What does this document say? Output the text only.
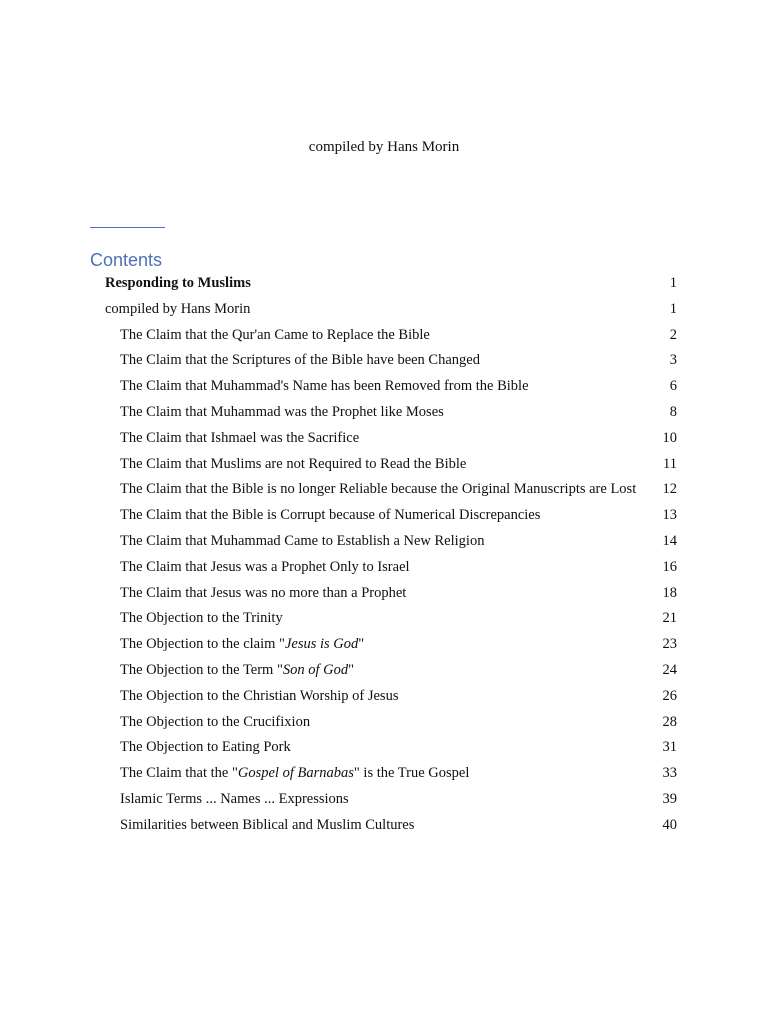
compiled by Hans Morin
Contents
Responding to Muslims	1
compiled by Hans Morin	1
The Claim that the Qur'an Came to Replace the Bible	2
The Claim that the Scriptures of the Bible have been Changed	3
The Claim that Muhammad's Name has been Removed from the Bible	6
The Claim that Muhammad was the Prophet like Moses	8
The Claim that Ishmael was the Sacrifice	10
The Claim that Muslims are not Required to Read the Bible	11
The Claim that the Bible is no longer Reliable because the Original Manuscripts are Lost 12
The Claim that the Bible is Corrupt because of Numerical Discrepancies	13
The Claim that Muhammad Came to Establish a New Religion	14
The Claim that Jesus was a Prophet Only to Israel	16
The Claim that Jesus was no more than a Prophet	18
The Objection to the Trinity	21
The Objection to the claim "Jesus is God"	23
The Objection to the Term "Son of God"	24
The Objection to the Christian Worship of Jesus	26
The Objection to the Crucifixion	28
The Objection to Eating Pork	31
The Claim that the "Gospel of Barnabas" is the True Gospel	33
Islamic Terms ... Names ... Expressions	39
Similarities between Biblical and Muslim Cultures	40
